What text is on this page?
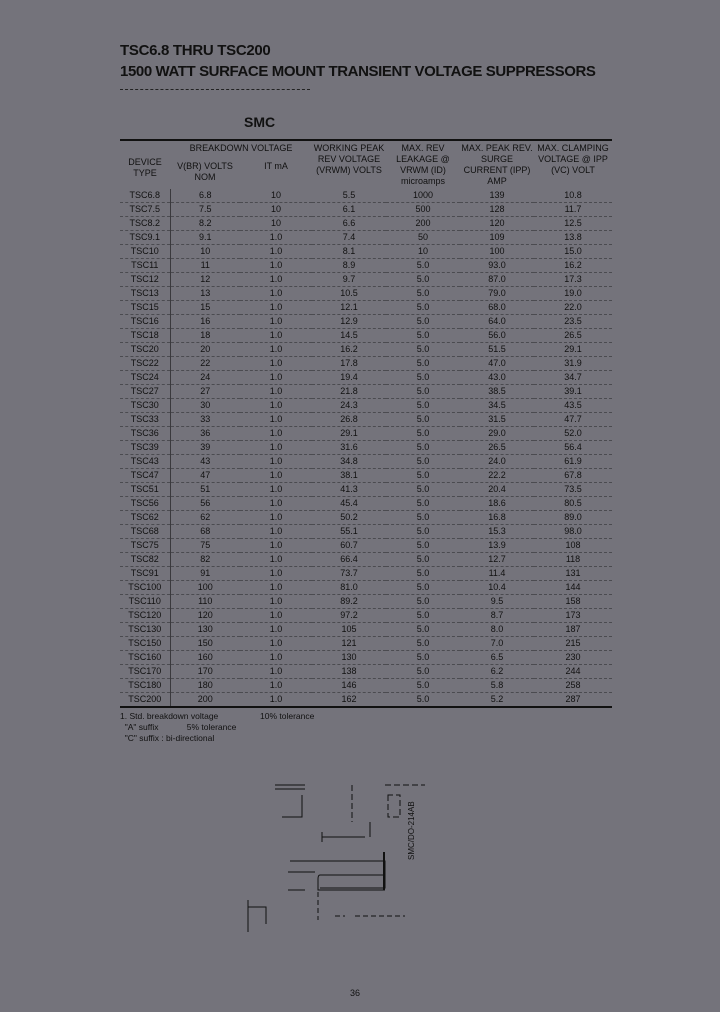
TSC6.8 THRU TSC200
1500 WATT SURFACE MOUNT TRANSIENT VOLTAGE SUPPRESSORS
SMC
DEVICE TYPE	BREAKDOWN VOLTAGE		WORKING PEAK REV VOLTAGE (VRWM) VOLTS	MAX. REV LEAKAGE @ VRWM (ID) microamps	MAX. PEAK REV. SURGE CURRENT (IPP) AMP	MAX. CLAMPING VOLTAGE @ IPP (VC) VOLT
	V(BR) VOLTS NOM	IT mA				
TSC6.8	6.8	10	5.5	1000	139	10.8
TSC7.5	7.5	10	6.1	500	128	11.7
TSC8.2	8.2	10	6.6	200	120	12.5
TSC9.1	9.1	1.0	7.4	50	109	13.8
TSC10	10	1.0	8.1	10	100	15.0
TSC11	11	1.0	8.9	5.0	93.0	16.2
TSC12	12	1.0	9.7	5.0	87.0	17.3
TSC13	13	1.0	10.5	5.0	79.0	19.0
TSC15	15	1.0	12.1	5.0	68.0	22.0
TSC16	16	1.0	12.9	5.0	64.0	23.5
TSC18	18	1.0	14.5	5.0	56.0	26.5
TSC20	20	1.0	16.2	5.0	51.5	29.1
TSC22	22	1.0	17.8	5.0	47.0	31.9
TSC24	24	1.0	19.4	5.0	43.0	34.7
TSC27	27	1.0	21.8	5.0	38.5	39.1
TSC30	30	1.0	24.3	5.0	34.5	43.5
TSC33	33	1.0	26.8	5.0	31.5	47.7
TSC36	36	1.0	29.1	5.0	29.0	52.0
TSC39	39	1.0	31.6	5.0	26.5	56.4
TSC43	43	1.0	34.8	5.0	24.0	61.9
TSC47	47	1.0	38.1	5.0	22.2	67.8
TSC51	51	1.0	41.3	5.0	20.4	73.5
TSC56	56	1.0	45.4	5.0	18.6	80.5
TSC62	62	1.0	50.2	5.0	16.8	89.0
TSC68	68	1.0	55.1	5.0	15.3	98.0
TSC75	75	1.0	60.7	5.0	13.9	108
TSC82	82	1.0	66.4	5.0	12.7	118
TSC91	91	1.0	73.7	5.0	11.4	131
TSC100	100	1.0	81.0	5.0	10.4	144
TSC110	110	1.0	89.2	5.0	9.5	158
TSC120	120	1.0	97.2	5.0	8.7	173
TSC130	130	1.0	105	5.0	8.0	187
TSC150	150	1.0	121	5.0	7.0	215
TSC160	160	1.0	130	5.0	6.5	230
TSC170	170	1.0	138	5.0	6.2	244
TSC180	180	1.0	146	5.0	5.8	258
TSC200	200	1.0	162	5.0	5.2	287
1. Std. breakdown voltage	10% tolerance
"A" suffix	5% tolerance
"C" suffix : bi-directional
SMC/DO-214AB
36
